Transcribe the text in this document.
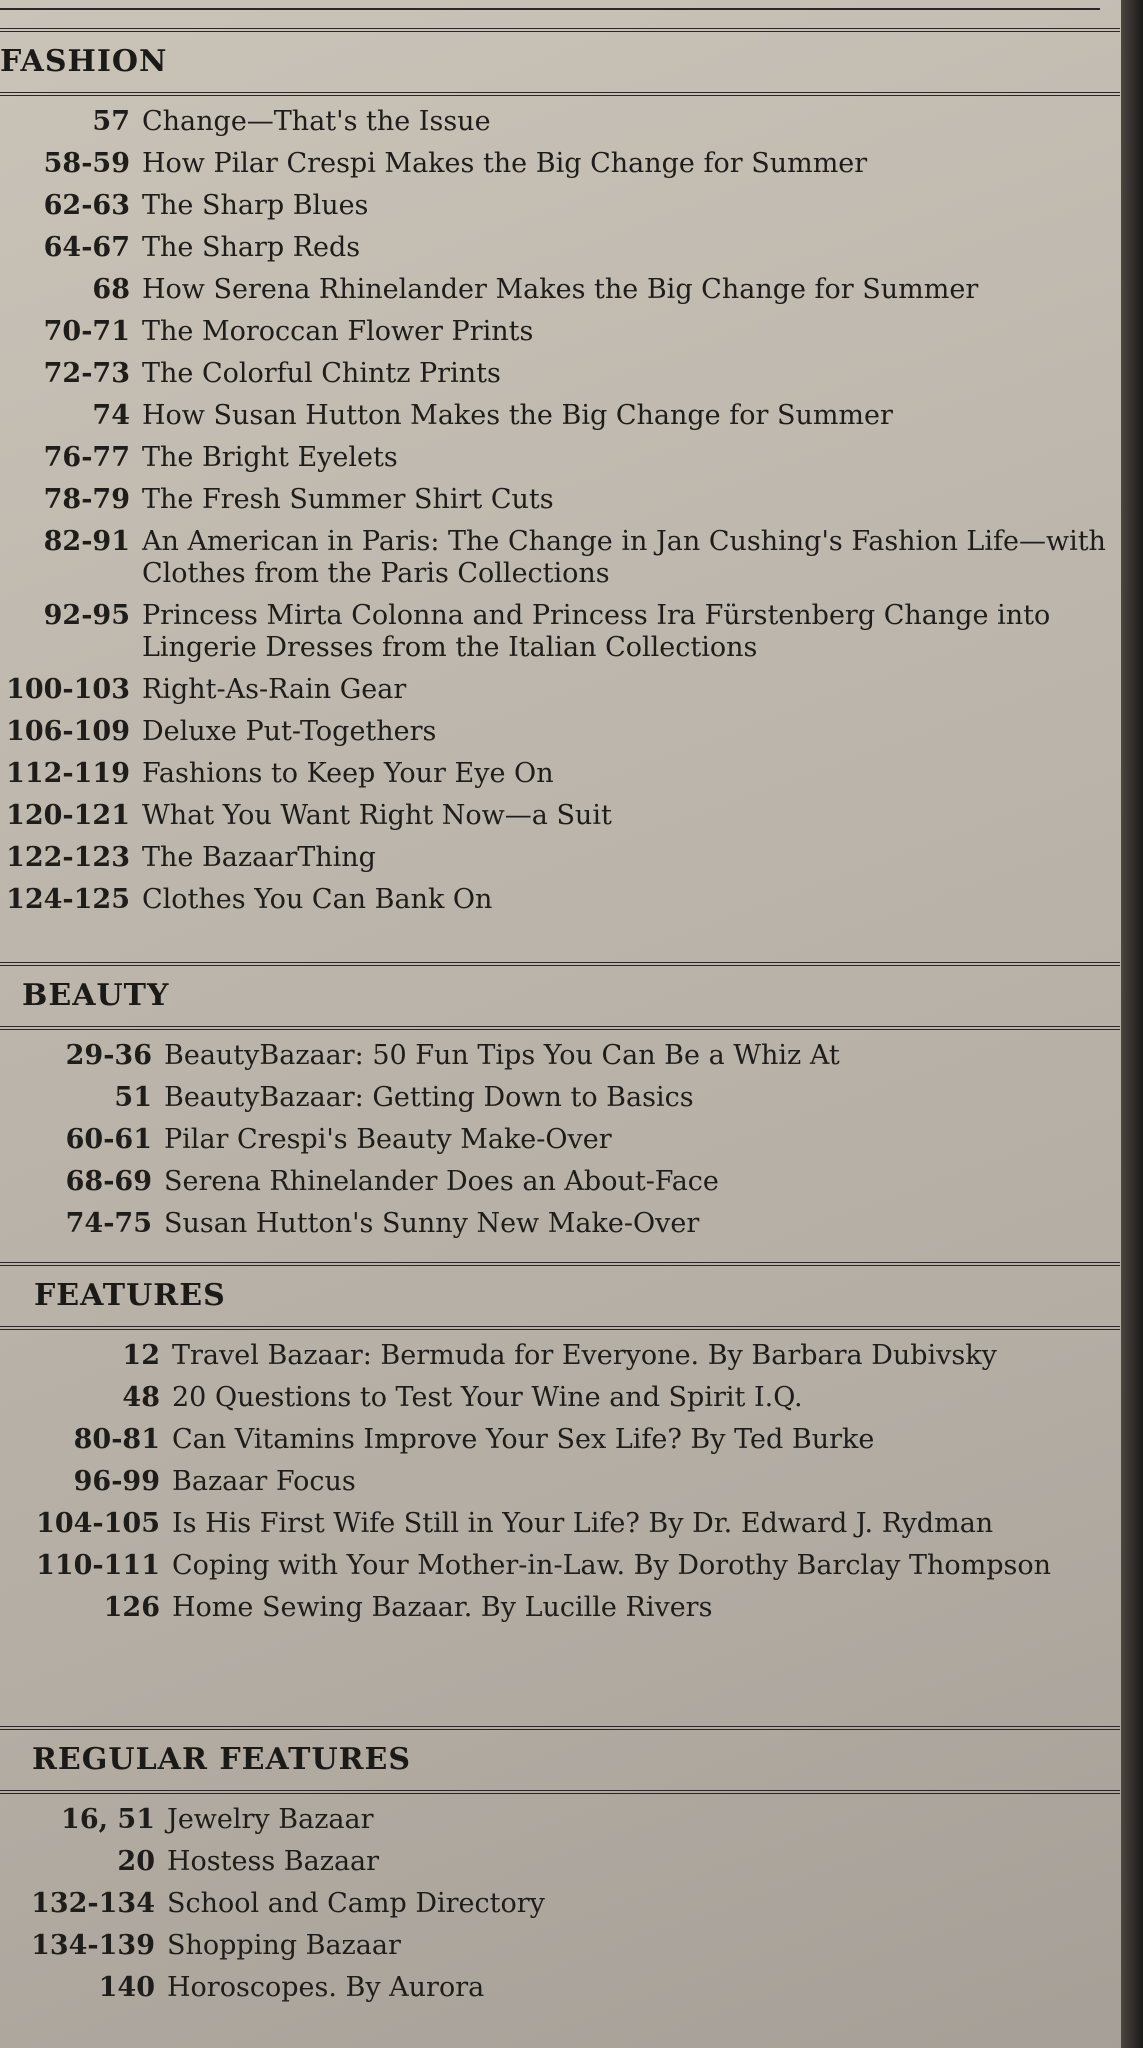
FASHION
57 Change—That's the Issue
58-59 How Pilar Crespi Makes the Big Change for Summer
62-63 The Sharp Blues
64-67 The Sharp Reds
68 How Serena Rhinelander Makes the Big Change for Summer
70-71 The Moroccan Flower Prints
72-73 The Colorful Chintz Prints
74 How Susan Hutton Makes the Big Change for Summer
76-77 The Bright Eyelets
78-79 The Fresh Summer Shirt Cuts
82-91 An American in Paris: The Change in Jan Cushing's Fashion Life—with Clothes from the Paris Collections
92-95 Princess Mirta Colonna and Princess Ira Fürstenberg Change into Lingerie Dresses from the Italian Collections
100-103 Right-As-Rain Gear
106-109 Deluxe Put-Togethers
112-119 Fashions to Keep Your Eye On
120-121 What You Want Right Now—a Suit
122-123 The BazaarThing
124-125 Clothes You Can Bank On
BEAUTY
29-36 BeautyBazaar: 50 Fun Tips You Can Be a Whiz At
51 BeautyBazaar: Getting Down to Basics
60-61 Pilar Crespi's Beauty Make-Over
68-69 Serena Rhinelander Does an About-Face
74-75 Susan Hutton's Sunny New Make-Over
FEATURES
12 Travel Bazaar: Bermuda for Everyone. By Barbara Dubivsky
48 20 Questions to Test Your Wine and Spirit I.Q.
80-81 Can Vitamins Improve Your Sex Life? By Ted Burke
96-99 Bazaar Focus
104-105 Is His First Wife Still in Your Life? By Dr. Edward J. Rydman
110-111 Coping with Your Mother-in-Law. By Dorothy Barclay Thompson
126 Home Sewing Bazaar. By Lucille Rivers
REGULAR FEATURES
16, 51 Jewelry Bazaar
20 Hostess Bazaar
132-134 School and Camp Directory
134-139 Shopping Bazaar
140 Horoscopes. By Aurora
